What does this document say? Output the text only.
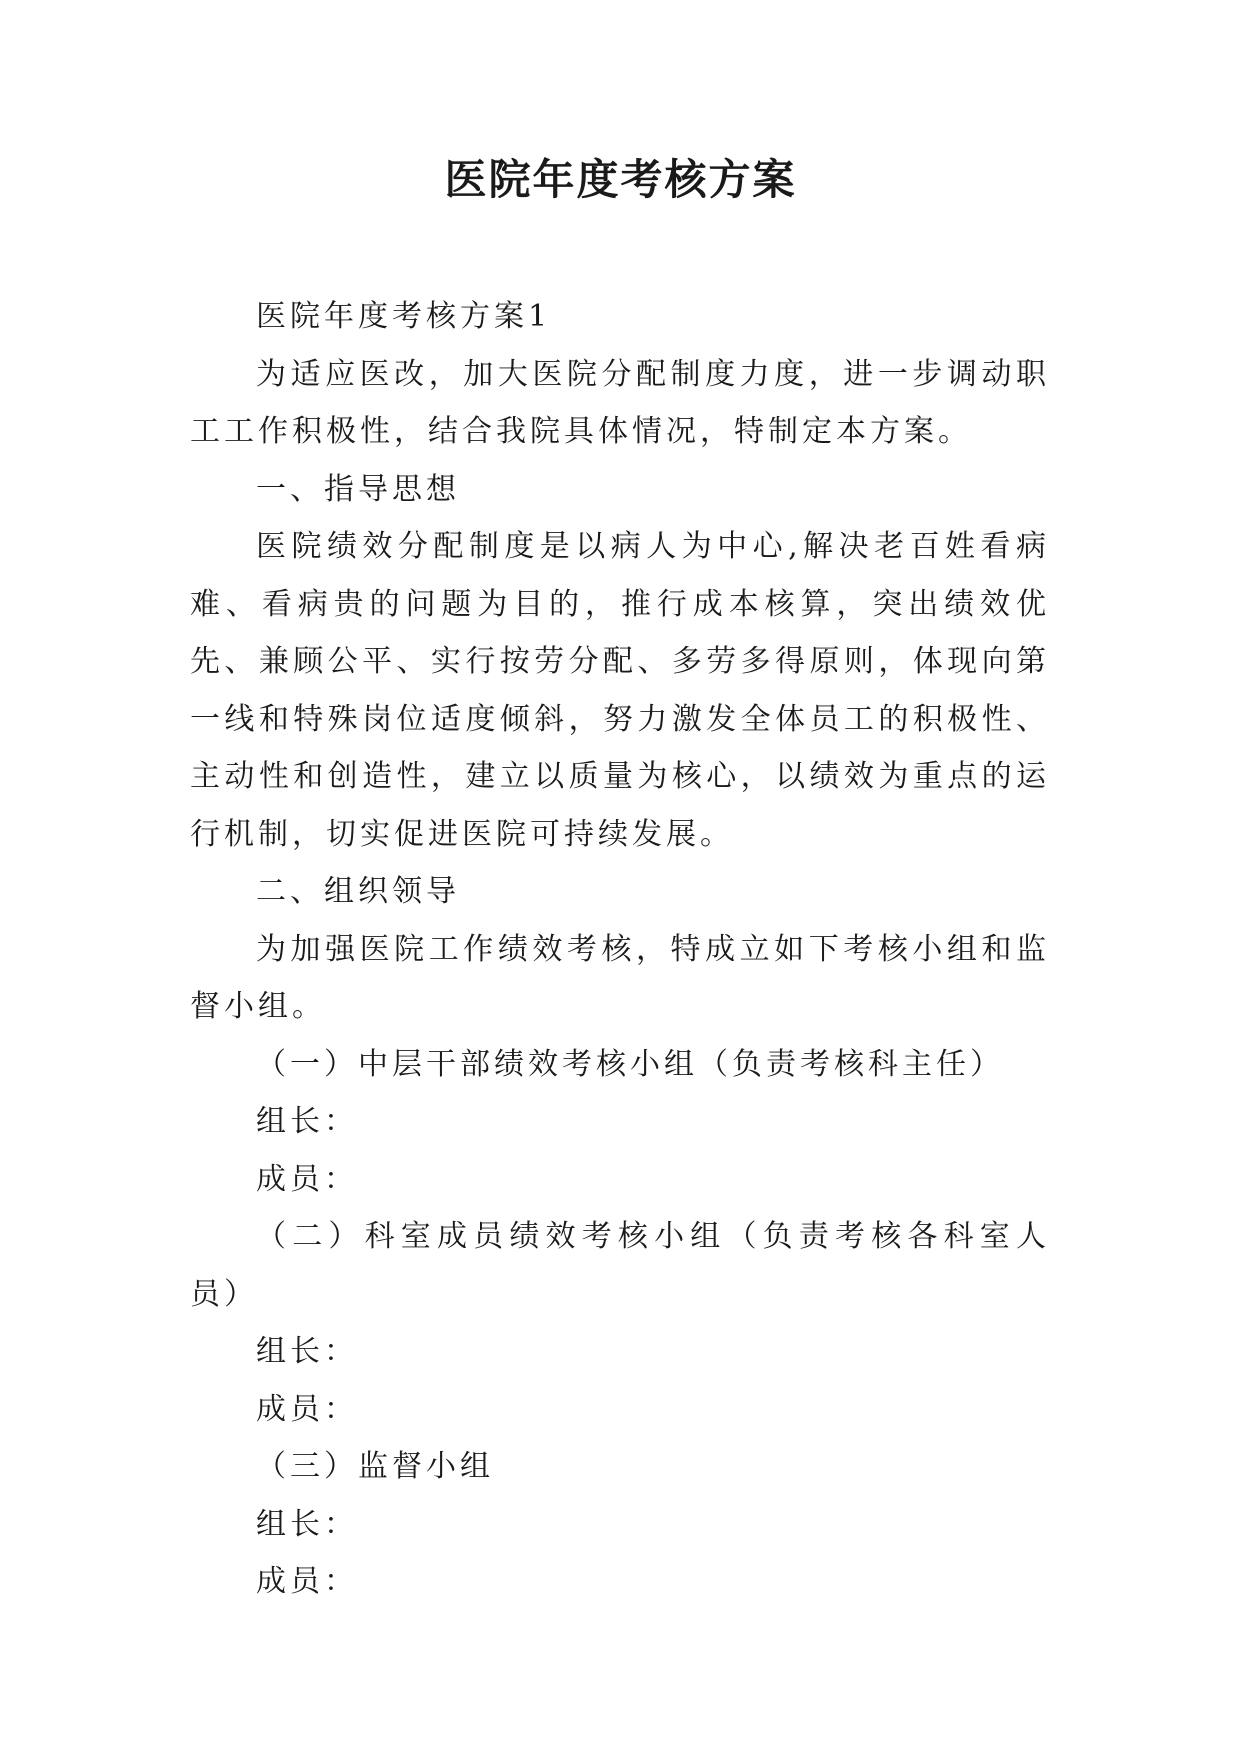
医院年度考核方案

医院年度考核方案1

为适应医改，加大医院分配制度力度，进一步调动职工工作积极性，结合我院具体情况，特制定本方案。

一、指导思想

医院绩效分配制度是以病人为中心,解决老百姓看病难、看病贵的问题为目的，推行成本核算，突出绩效优先、兼顾公平、实行按劳分配、多劳多得原则，体现向第一线和特殊岗位适度倾斜，努力激发全体员工的积极性、主动性和创造性，建立以质量为核心，以绩效为重点的运行机制，切实促进医院可持续发展。

二、组织领导

为加强医院工作绩效考核，特成立如下考核小组和监督小组。

（一）中层干部绩效考核小组（负责考核科主任）

组长：

成员：

（二）科室成员绩效考核小组（负责考核各科室人员）

组长：

成员：

（三）监督小组

组长：

成员：
